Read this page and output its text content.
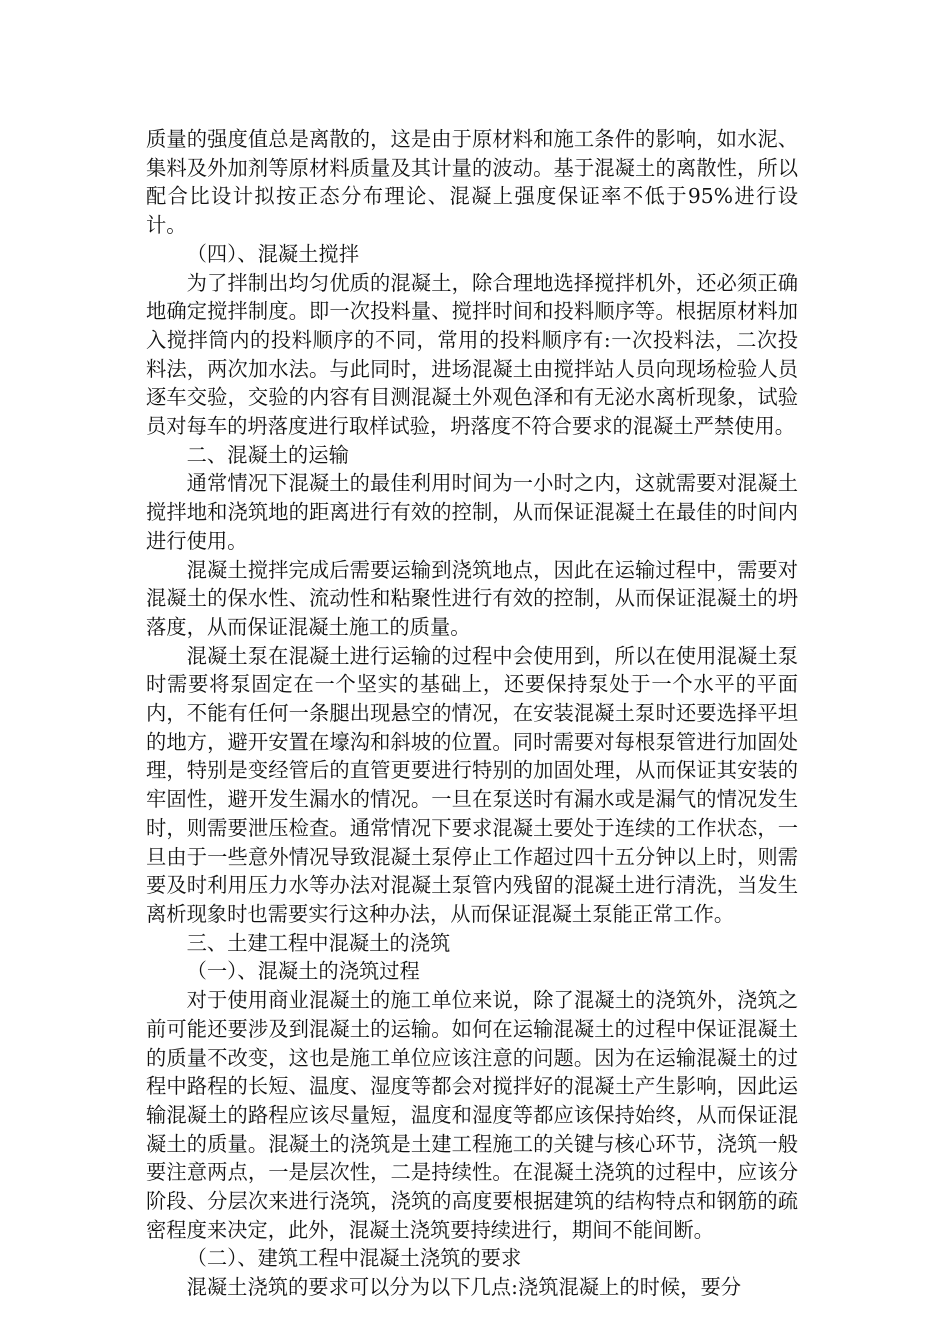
质量的强度值总是离散的，这是由于原材料和施工条件的影响，如水泥、集料及外加剂等原材料质量及其计量的波动。基于混凝土的离散性，所以配合比设计拟按正态分布理论、混凝上强度保证率不低于95%进行设计。

（四）、混凝土搅拌

为了拌制出均匀优质的混凝土，除合理地选择搅拌机外，还必须正确地确定搅拌制度。即一次投料量、搅拌时间和投料顺序等。根据原材料加入搅拌筒内的投料顺序的不同，常用的投料顺序有:一次投料法，二次投料法，两次加水法。与此同时，进场混凝土由搅拌站人员向现场检验人员逐车交验，交验的内容有目测混凝土外观色泽和有无泌水离析现象，试验员对每车的坍落度进行取样试验，坍落度不符合要求的混凝土严禁使用。

二、混凝土的运输

通常情况下混凝土的最佳利用时间为一小时之内，这就需要对混凝土搅拌地和浇筑地的距离进行有效的控制，从而保证混凝土在最佳的时间内进行使用。

混凝土搅拌完成后需要运输到浇筑地点，因此在运输过程中，需要对混凝土的保水性、流动性和粘聚性进行有效的控制，从而保证混凝土的坍落度，从而保证混凝土施工的质量。

混凝土泵在混凝土进行运输的过程中会使用到，所以在使用混凝土泵时需要将泵固定在一个坚实的基础上，还要保持泵处于一个水平的平面内，不能有任何一条腿出现悬空的情况，在安装混凝土泵时还要选择平坦的地方，避开安置在壕沟和斜坡的位置。同时需要对每根泵管进行加固处理，特别是变经管后的直管更要进行特别的加固处理，从而保证其安装的牢固性，避开发生漏水的情况。一旦在泵送时有漏水或是漏气的情况发生时，则需要泄压检查。通常情况下要求混凝土要处于连续的工作状态，一旦由于一些意外情况导致混凝土泵停止工作超过四十五分钟以上时，则需要及时利用压力水等办法对混凝土泵管内残留的混凝土进行清洗，当发生离析现象时也需要实行这种办法，从而保证混凝土泵能正常工作。

三、土建工程中混凝土的浇筑

（一）、混凝土的浇筑过程

对于使用商业混凝土的施工单位来说，除了混凝土的浇筑外，浇筑之前可能还要涉及到混凝土的运输。如何在运输混凝土的过程中保证混凝土的质量不改变，这也是施工单位应该注意的问题。因为在运输混凝土的过程中路程的长短、温度、湿度等都会对搅拌好的混凝土产生影响，因此运输混凝土的路程应该尽量短，温度和湿度等都应该保持始终，从而保证混凝土的质量。混凝土的浇筑是土建工程施工的关键与核心环节，浇筑一般要注意两点，一是层次性，二是持续性。在混凝土浇筑的过程中，应该分阶段、分层次来进行浇筑，浇筑的高度要根据建筑的结构特点和钢筋的疏密程度来决定，此外，混凝土浇筑要持续进行，期间不能间断。

（二）、建筑工程中混凝土浇筑的要求

混凝土浇筑的要求可以分为以下几点:浇筑混凝上的时候，要分
